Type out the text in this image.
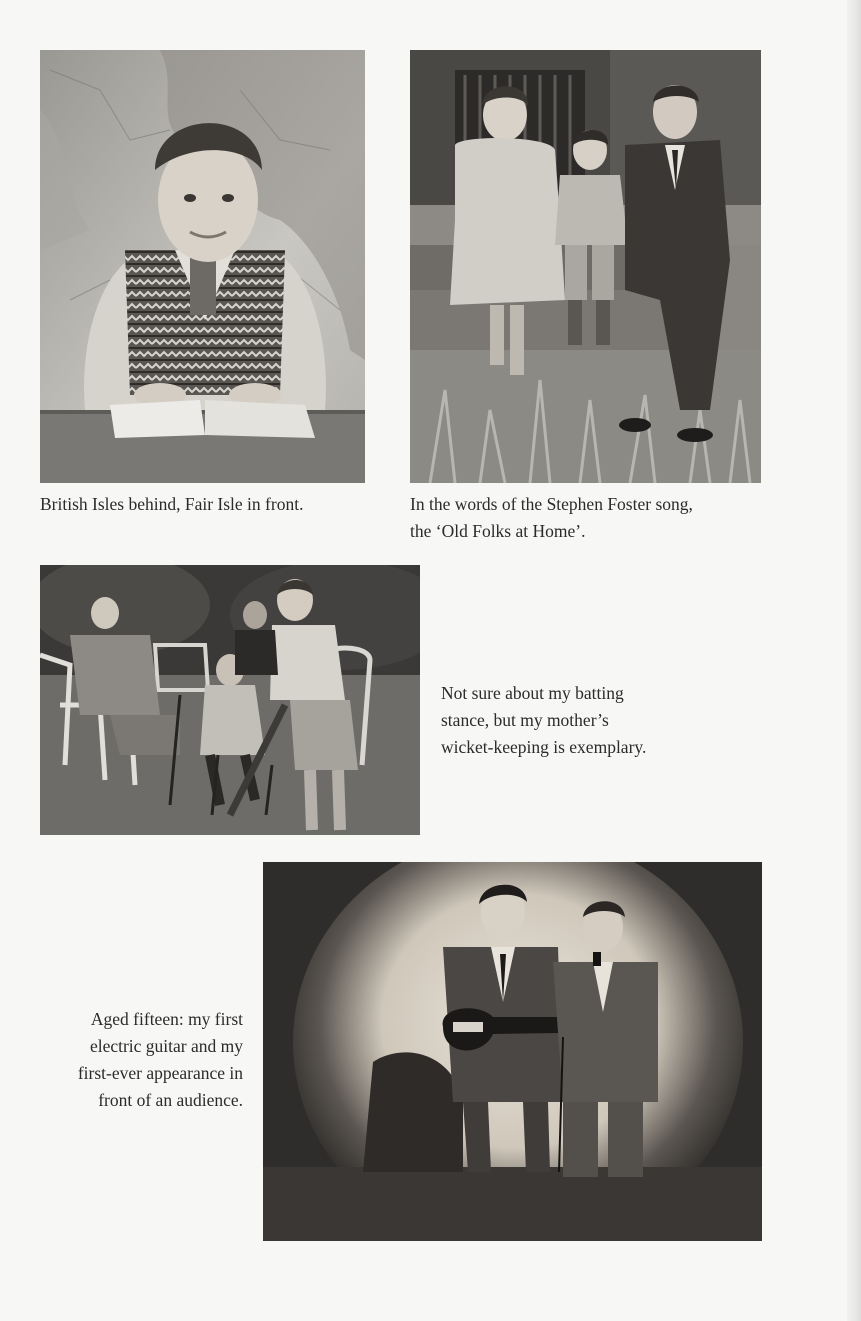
British Isles behind, Fair Isle in front.	In the words of the Stephen Foster song,
the ‘Old Folks at Home’.
Not sure about my batting
stance, but my mother’s
wicket-keeping is exemplary.
Aged fifteen: my first
electric guitar and my
first-ever appearance in
front of an audience.
